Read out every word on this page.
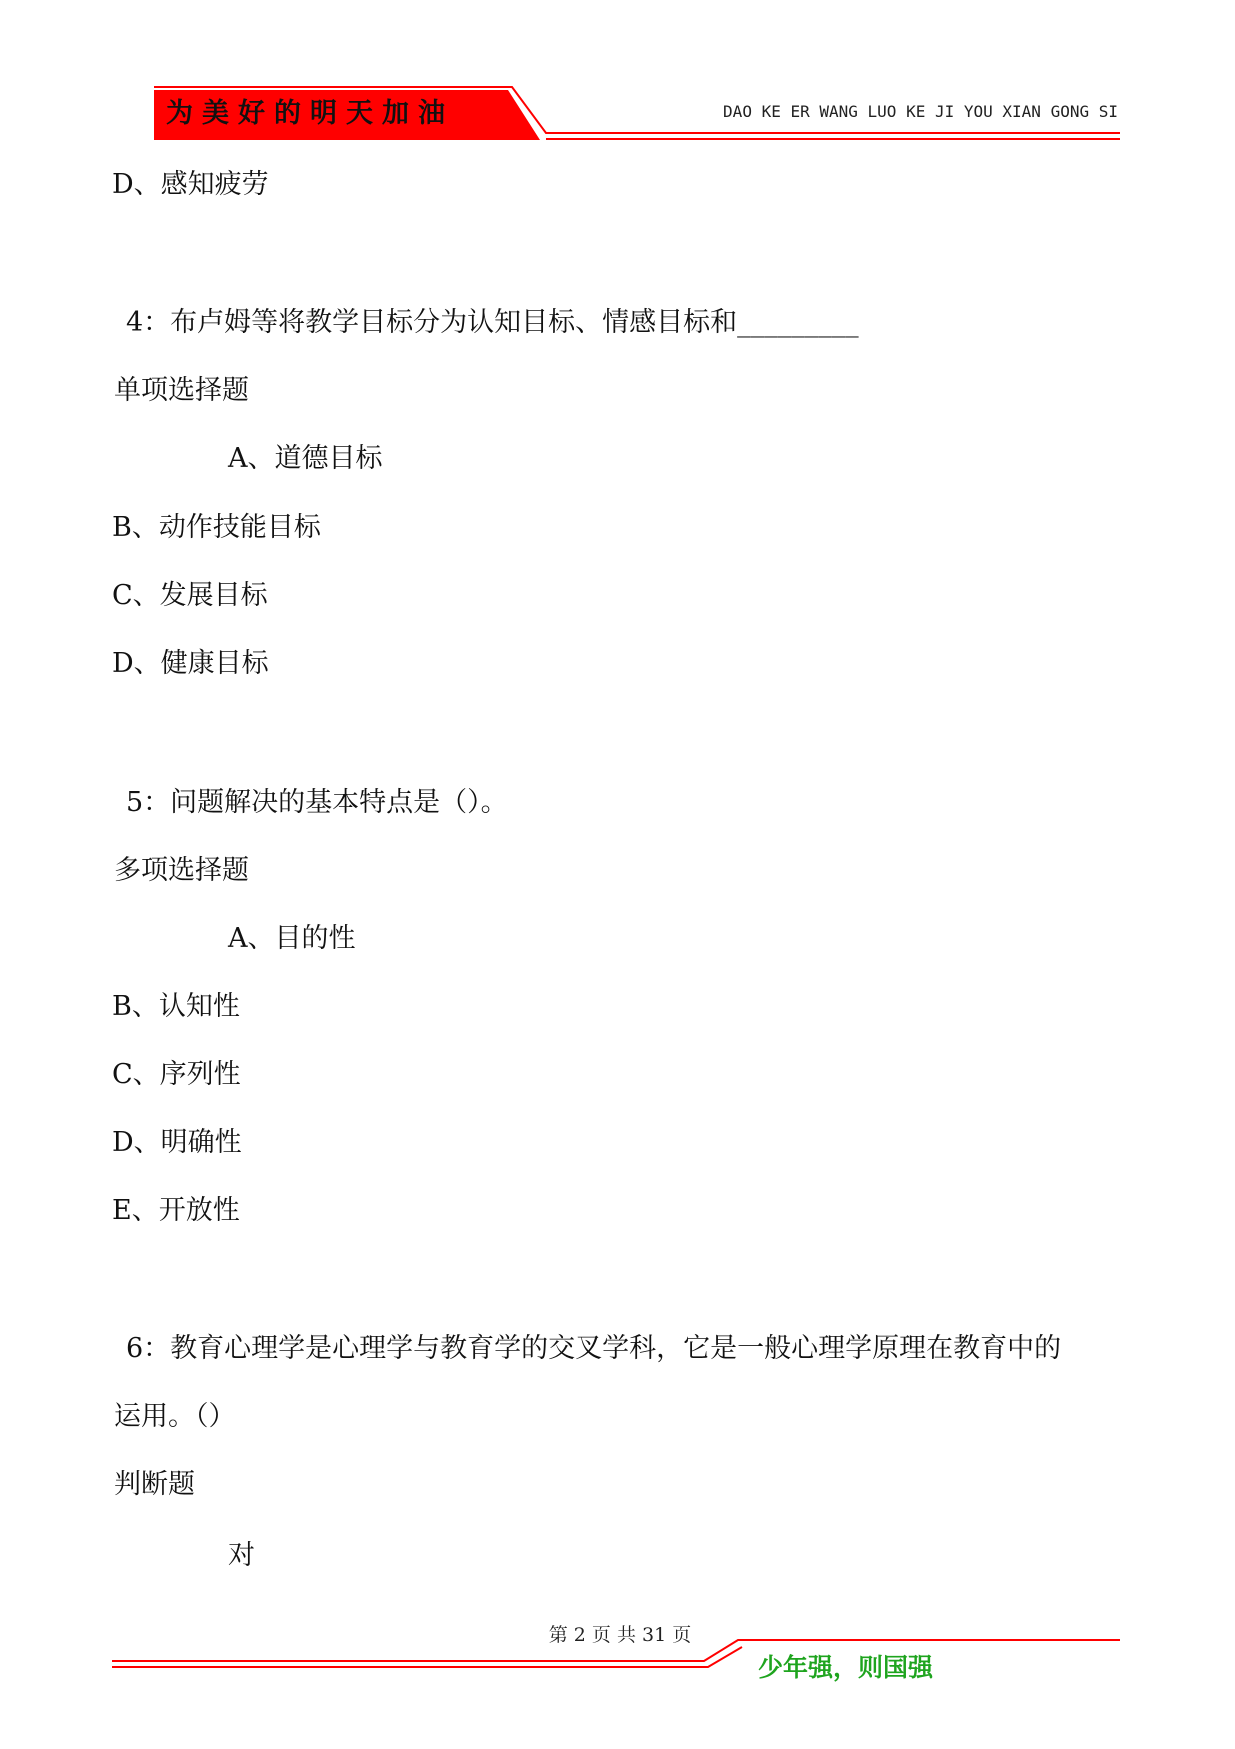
为美好的明天加油	DAO KE ER WANG LUO KE JI YOU XIAN GONG SI
D、感知疲劳
4：布卢姆等将教学目标分为认知目标、情感目标和_________
单项选择题
A、道德目标
B、动作技能目标
C、发展目标
D、健康目标
5：问题解决的基本特点是（）。
多项选择题
A、目的性
B、认知性
C、序列性
D、明确性
E、开放性
6：教育心理学是心理学与教育学的交叉学科，它是一般心理学原理在教育中的
运用。（）
判断题
对
第 2 页 共 31 页
少年强，则国强
